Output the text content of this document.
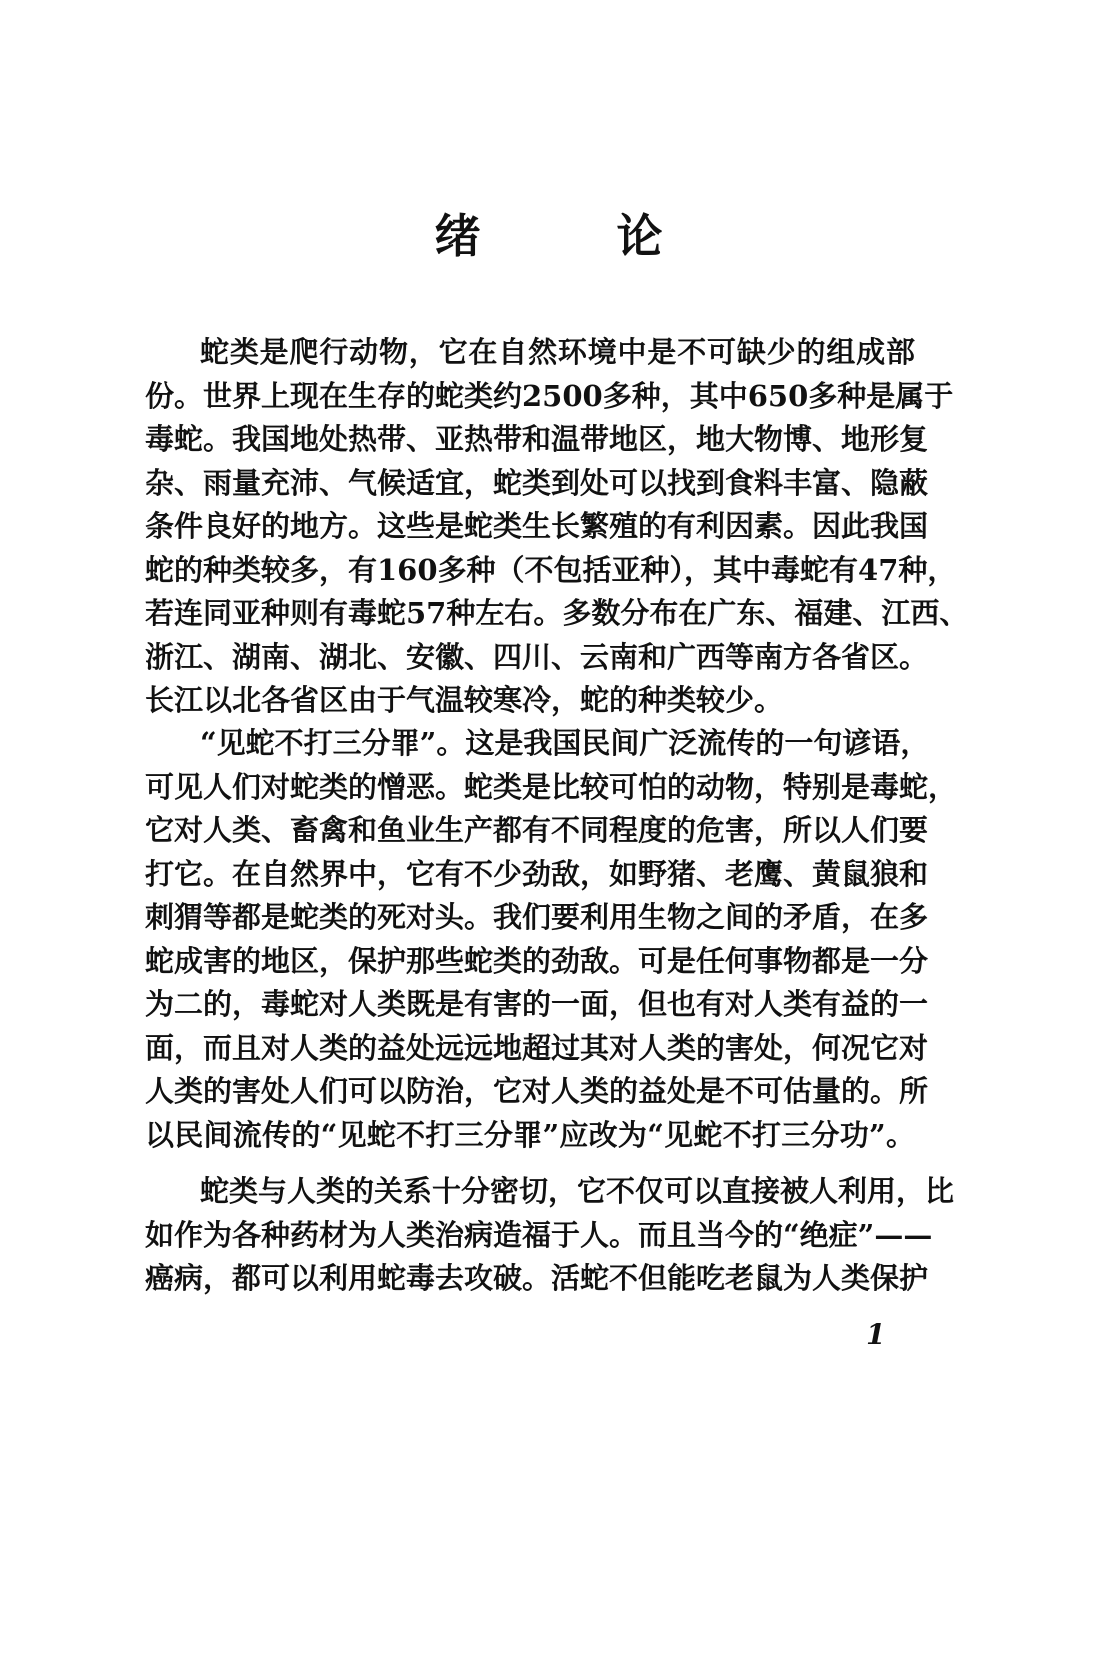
绪 论
蛇类是爬行动物，它在自然环境中是不可缺少的组成部
份。世界上现在生存的蛇类约2500多种，其中650多种是属于
毒蛇。我国地处热带、亚热带和温带地区，地大物博、地形复
杂、雨量充沛、气候适宜，蛇类到处可以找到食料丰富、隐蔽
条件良好的地方。这些是蛇类生长繁殖的有利因素。因此我国
蛇的种类较多，有160多种（不包括亚种），其中毒蛇有47种，
若连同亚种则有毒蛇57种左右。多数分布在广东、福建、江西、
浙江、湖南、湖北、安徽、四川、云南和广西等南方各省区。
长江以北各省区由于气温较寒冷，蛇的种类较少。
“见蛇不打三分罪”。这是我国民间广泛流传的一句谚语，
可见人们对蛇类的憎恶。蛇类是比较可怕的动物，特别是毒蛇，
它对人类、畜禽和鱼业生产都有不同程度的危害，所以人们要
打它。在自然界中，它有不少劲敌，如野猪、老鹰、黄鼠狼和
刺猬等都是蛇类的死对头。我们要利用生物之间的矛盾，在多
蛇成害的地区，保护那些蛇类的劲敌。可是任何事物都是一分
为二的，毒蛇对人类既是有害的一面，但也有对人类有益的一
面，而且对人类的益处远远地超过其对人类的害处，何况它对
人类的害处人们可以防治，它对人类的益处是不可估量的。所
以民间流传的“见蛇不打三分罪”应改为“见蛇不打三分功”。
蛇类与人类的关系十分密切，它不仅可以直接被人利用，比
如作为各种药材为人类治病造福于人。而且当今的“绝症”——
癌病，都可以利用蛇毒去攻破。活蛇不但能吃老鼠为人类保护
1
